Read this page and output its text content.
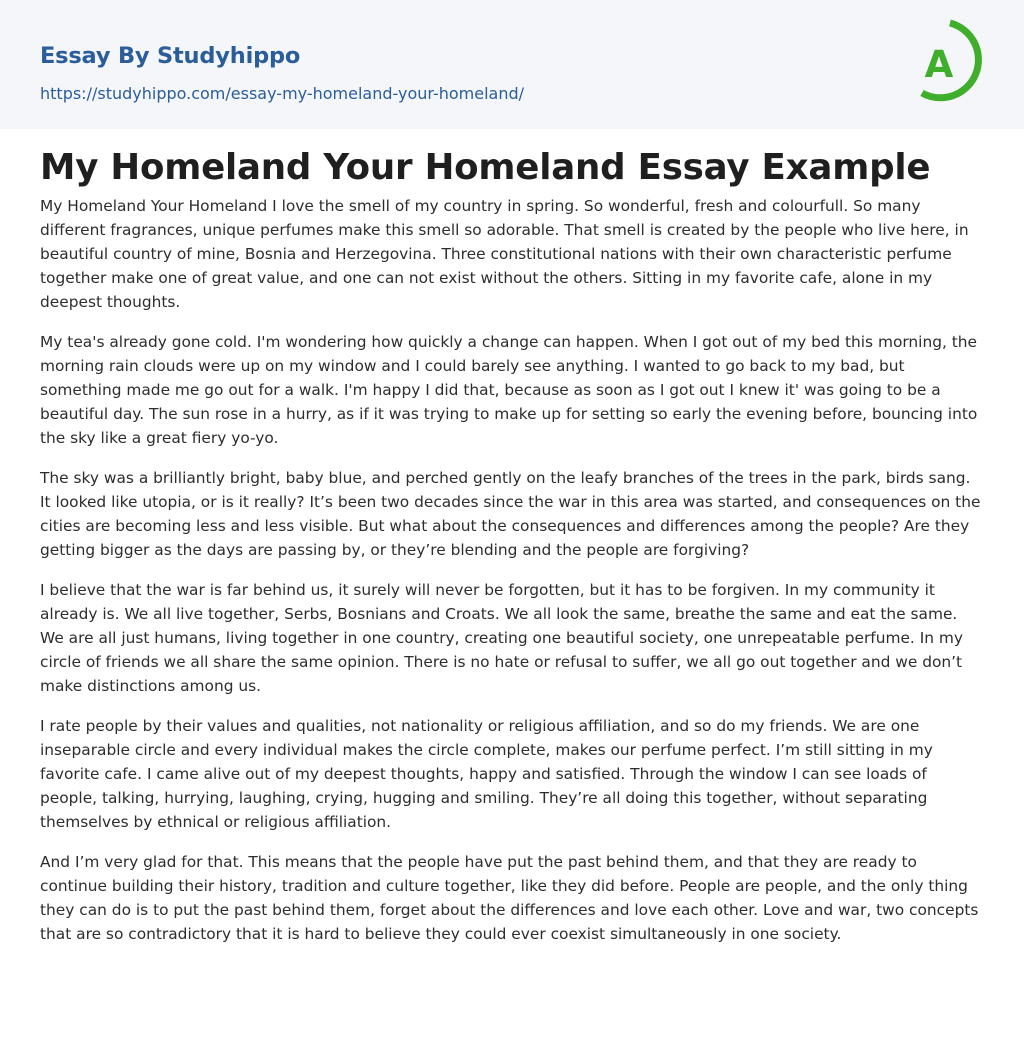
Essay By Studyhippo
https://studyhippo.com/essay-my-homeland-your-homeland/
A
My Homeland Your Homeland Essay Example

My Homeland Your Homeland I love the smell of my country in spring. So wonderful, fresh and colourfull. So many different fragrances, unique perfumes make this smell so adorable. That smell is created by the people who live here, in beautiful country of mine, Bosnia and Herzegovina. Three constitutional nations with their own characteristic perfume together make one of great value, and one can not exist without the others. Sitting in my favorite cafe, alone in my deepest thoughts.

My tea's already gone cold. I'm wondering how quickly a change can happen. When I got out of my bed this morning, the morning rain clouds were up on my window and I could barely see anything. I wanted to go back to my bad, but something made me go out for a walk. I'm happy I did that, because as soon as I got out I knew it' was going to be a beautiful day. The sun rose in a hurry, as if it was trying to make up for setting so early the evening before, bouncing into the sky like a great fiery yo-yo.

The sky was a brilliantly bright, baby blue, and perched gently on the leafy branches of the trees in the park, birds sang. It looked like utopia, or is it really? It’s been two decades since the war in this area was started, and consequences on the cities are becoming less and less visible. But what about the consequences and differences among the people? Are they getting bigger as the days are passing by, or they’re blending and the people are forgiving?

I believe that the war is far behind us, it surely will never be forgotten, but it has to be forgiven. In my community it already is. We all live together, Serbs, Bosnians and Croats. We all look the same, breathe the same and eat the same. We are all just humans, living together in one country, creating one beautiful society, one unrepeatable perfume. In my circle of friends we all share the same opinion. There is no hate or refusal to suffer, we all go out together and we don’t make distinctions among us.

I rate people by their values and qualities, not nationality or religious affiliation, and so do my friends. We are one inseparable circle and every individual makes the circle complete, makes our perfume perfect. I’m still sitting in my favorite cafe. I came alive out of my deepest thoughts, happy and satisfied. Through the window I can see loads of people, talking, hurrying, laughing, crying, hugging and smiling. They’re all doing this together, without separating themselves by ethnical or religious affiliation.

And I’m very glad for that. This means that the people have put the past behind them, and that they are ready to continue building their history, tradition and culture together, like they did before. People are people, and the only thing they can do is to put the past behind them, forget about the differences and love each other. Love and war, two concepts that are so contradictory that it is hard to believe they could ever coexist simultaneously in one society.
